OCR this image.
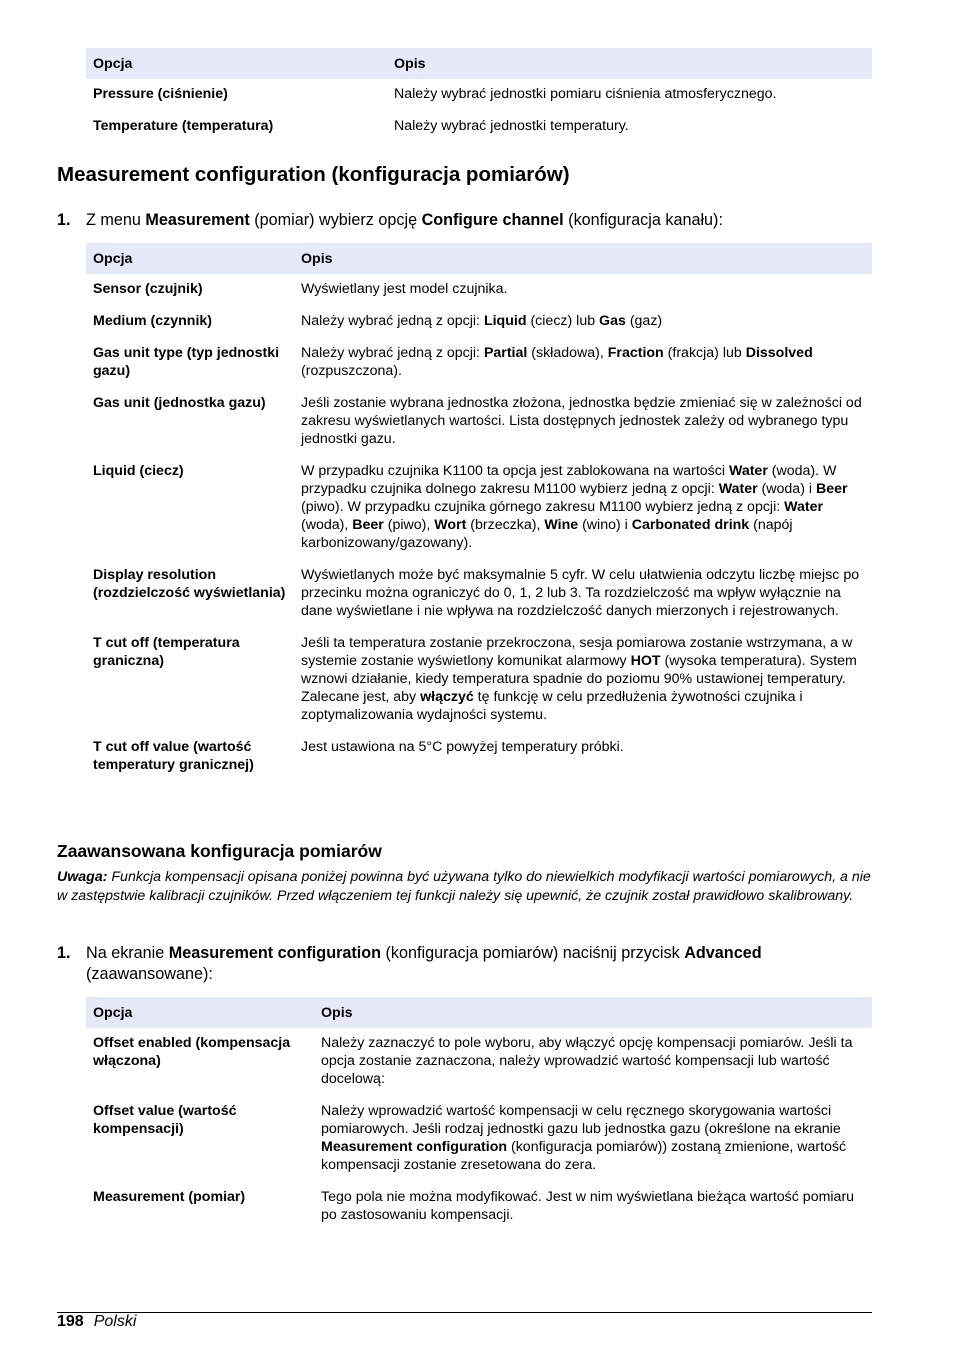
Opcja	Opis
Pressure (ciśnienie)	Należy wybrać jednostki pomiaru ciśnienia atmosferycznego.
Temperature (temperatura)	Należy wybrać jednostki temperatury.
Measurement configuration (konfiguracja pomiarów)
1. Z menu Measurement (pomiar) wybierz opcję Configure channel (konfiguracja kanału):
Opcja	Opis
Sensor (czujnik)	Wyświetlany jest model czujnika.
Medium (czynnik)	Należy wybrać jedną z opcji: Liquid (ciecz) lub Gas (gaz)
Gas unit type (typ jednostki gazu)	Należy wybrać jedną z opcji: Partial (składowa), Fraction (frakcja) lub Dissolved (rozpuszczona).
Gas unit (jednostka gazu)	Jeśli zostanie wybrana jednostka złożona, jednostka będzie zmieniać się w zależności od zakresu wyświetlanych wartości. Lista dostępnych jednostek zależy od wybranego typu jednostki gazu.
Liquid (ciecz)	W przypadku czujnika K1100 ta opcja jest zablokowana na wartości Water (woda). W przypadku czujnika dolnego zakresu M1100 wybierz jedną z opcji: Water (woda) i Beer (piwo). W przypadku czujnika górnego zakresu M1100 wybierz jedną z opcji: Water (woda), Beer (piwo), Wort (brzeczka), Wine (wino) i Carbonated drink (napój karbonizowany/gazowany).
Display resolution (rozdzielczość wyświetlania)	Wyświetlanych może być maksymalnie 5 cyfr. W celu ułatwienia odczytu liczbę miejsc po przecinku można ograniczyć do 0, 1, 2 lub 3. Ta rozdzielczość ma wpływ wyłącznie na dane wyświetlane i nie wpływa na rozdzielczość danych mierzonych i rejestrowanych.
T cut off (temperatura graniczna)	Jeśli ta temperatura zostanie przekroczona, sesja pomiarowa zostanie wstrzymana, a w systemie zostanie wyświetlony komunikat alarmowy HOT (wysoka temperatura). System wznowi działanie, kiedy temperatura spadnie do poziomu 90% ustawionej temperatury. Zalecane jest, aby włączyć tę funkcję w celu przedłużenia żywotności czujnika i zoptymalizowania wydajności systemu.
T cut off value (wartość temperatury granicznej)	Jest ustawiona na 5°C powyżej temperatury próbki.
Zaawansowana konfiguracja pomiarów
Uwaga: Funkcja kompensacji opisana poniżej powinna być używana tylko do niewielkich modyfikacji wartości pomiarowych, a nie w zastępstwie kalibracji czujników. Przed włączeniem tej funkcji należy się upewnić, że czujnik został prawidłowo skalibrowany.
1. Na ekranie Measurement configuration (konfiguracja pomiarów) naciśnij przycisk Advanced (zaawansowane):
Opcja	Opis
Offset enabled (kompensacja włączona)	Należy zaznaczyć to pole wyboru, aby włączyć opcję kompensacji pomiarów. Jeśli ta opcja zostanie zaznaczona, należy wprowadzić wartość kompensacji lub wartość docelową:
Offset value (wartość kompensacji)	Należy wprowadzić wartość kompensacji w celu ręcznego skorygowania wartości pomiarowych. Jeśli rodzaj jednostki gazu lub jednostka gazu (określone na ekranie Measurement configuration (konfiguracja pomiarów)) zostaną zmienione, wartość kompensacji zostanie zresetowana do zera.
Measurement (pomiar)	Tego pola nie można modyfikować. Jest w nim wyświetlana bieżąca wartość pomiaru po zastosowaniu kompensacji.
198 Polski
